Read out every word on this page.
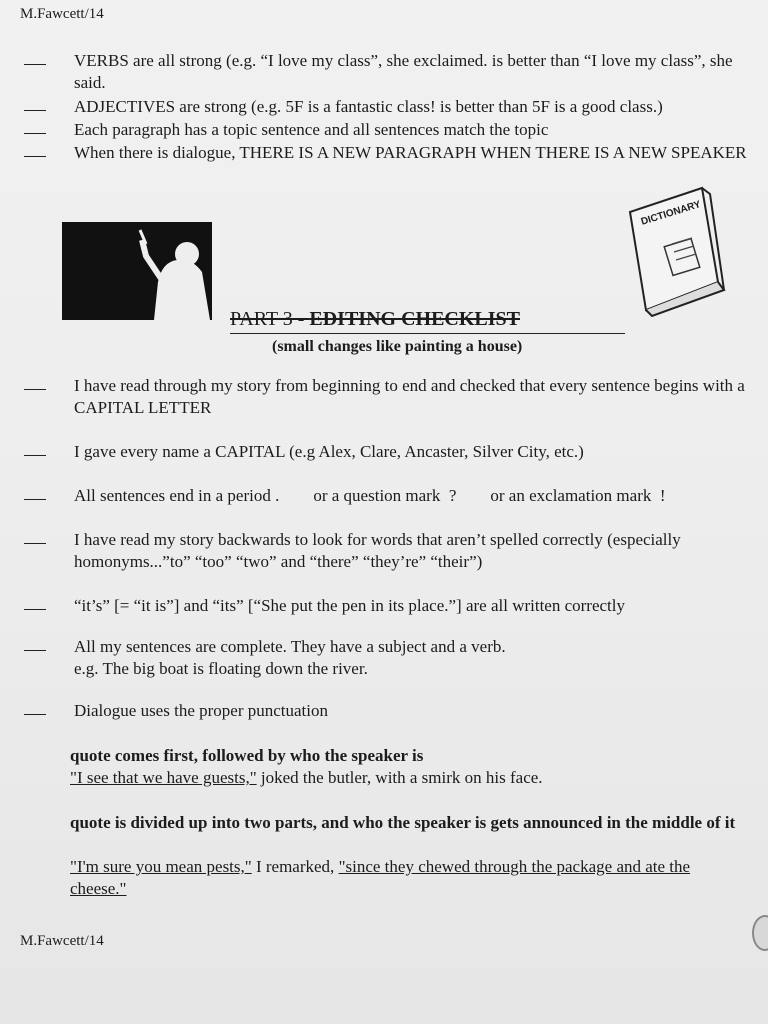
M.Fawcett/14
VERBS are all strong (e.g. “I love my class”, she exclaimed. is better than “I love my class”, she said.
ADJECTIVES are strong (e.g. 5F is a fantastic class! is better than 5F is a good class.)
Each paragraph has a topic sentence and all sentences match the topic
When there is dialogue, THERE IS A NEW PARAGRAPH WHEN THERE IS A NEW SPEAKER
PART 3 - EDITING CHECKLIST
(small changes like painting a house)
DICTIONARY
I have read through my story from beginning to end and checked that every sentence begins with a CAPITAL LETTER
I gave every name a CAPITAL (e.g Alex, Clare, Ancaster, Silver City, etc.)
All sentences end in a period .        or a question mark  ?        or an exclamation mark  !
I have read my story backwards to look for words that aren’t spelled correctly (especially homonyms...”to” “too” “two” and “there” “they’re” “their”)
“it’s” [= “it is”] and “its” [“She put the pen in its place.”] are all written correctly
All my sentences are complete. They have a subject and a verb.
e.g. The big boat is floating down the river.
Dialogue uses the proper punctuation
quote comes first, followed by who the speaker is
"I see that we have guests," joked the butler, with a smirk on his face.
quote is divided up into two parts, and who the speaker is gets announced in the middle of it
"I'm sure you mean pests," I remarked, "since they chewed through the package and ate the cheese."
M.Fawcett/14
